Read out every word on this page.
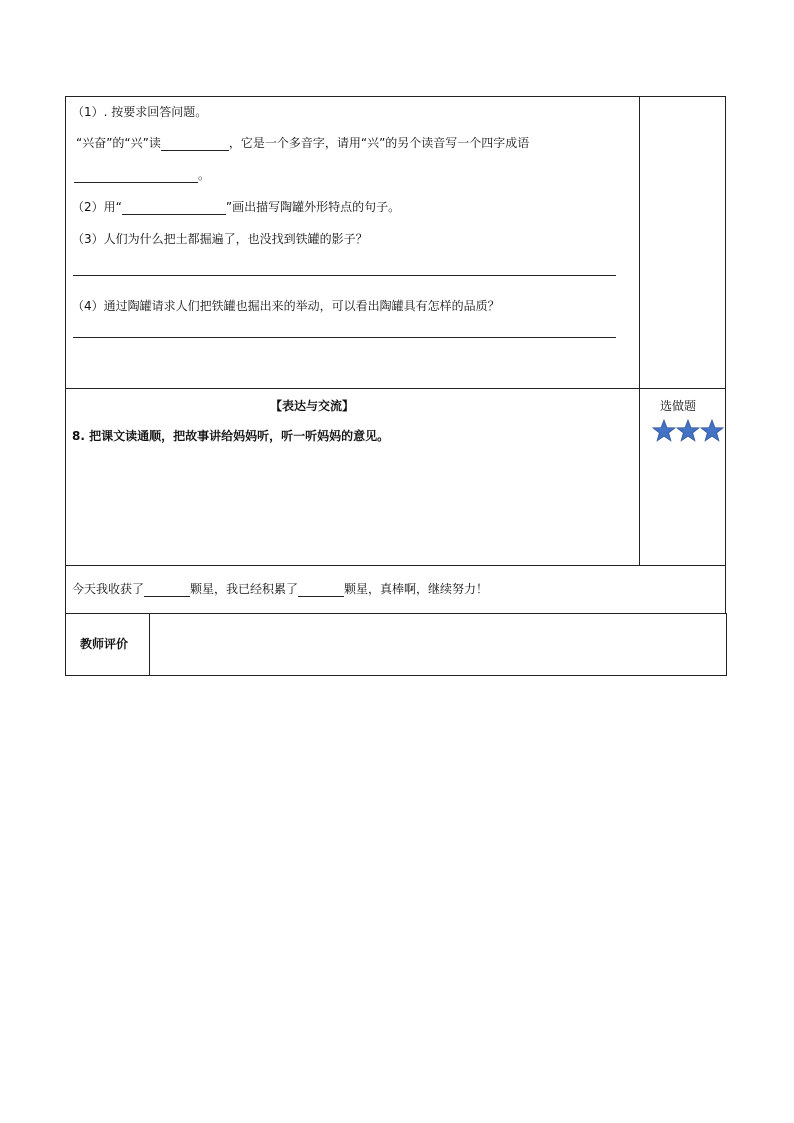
（1）. 按要求回答问题。
“兴奋”的“兴”读	，它是一个多音字，请用“兴”的另个读音写一个四字成语
。
（2）用“	”画出描写陶罐外形特点的句子。
（3）人们为什么把土都掘遍了，也没找到铁罐的影子？
（4）通过陶罐请求人们把铁罐也掘出来的举动，可以看出陶罐具有怎样的品质？
【表达与交流】
8. 把课文读通顺，把故事讲给妈妈听，听一听妈妈的意见。
选做题
今天我收获了	颗星，我已经积累了	颗星，真棒啊，继续努力！
教师评价
